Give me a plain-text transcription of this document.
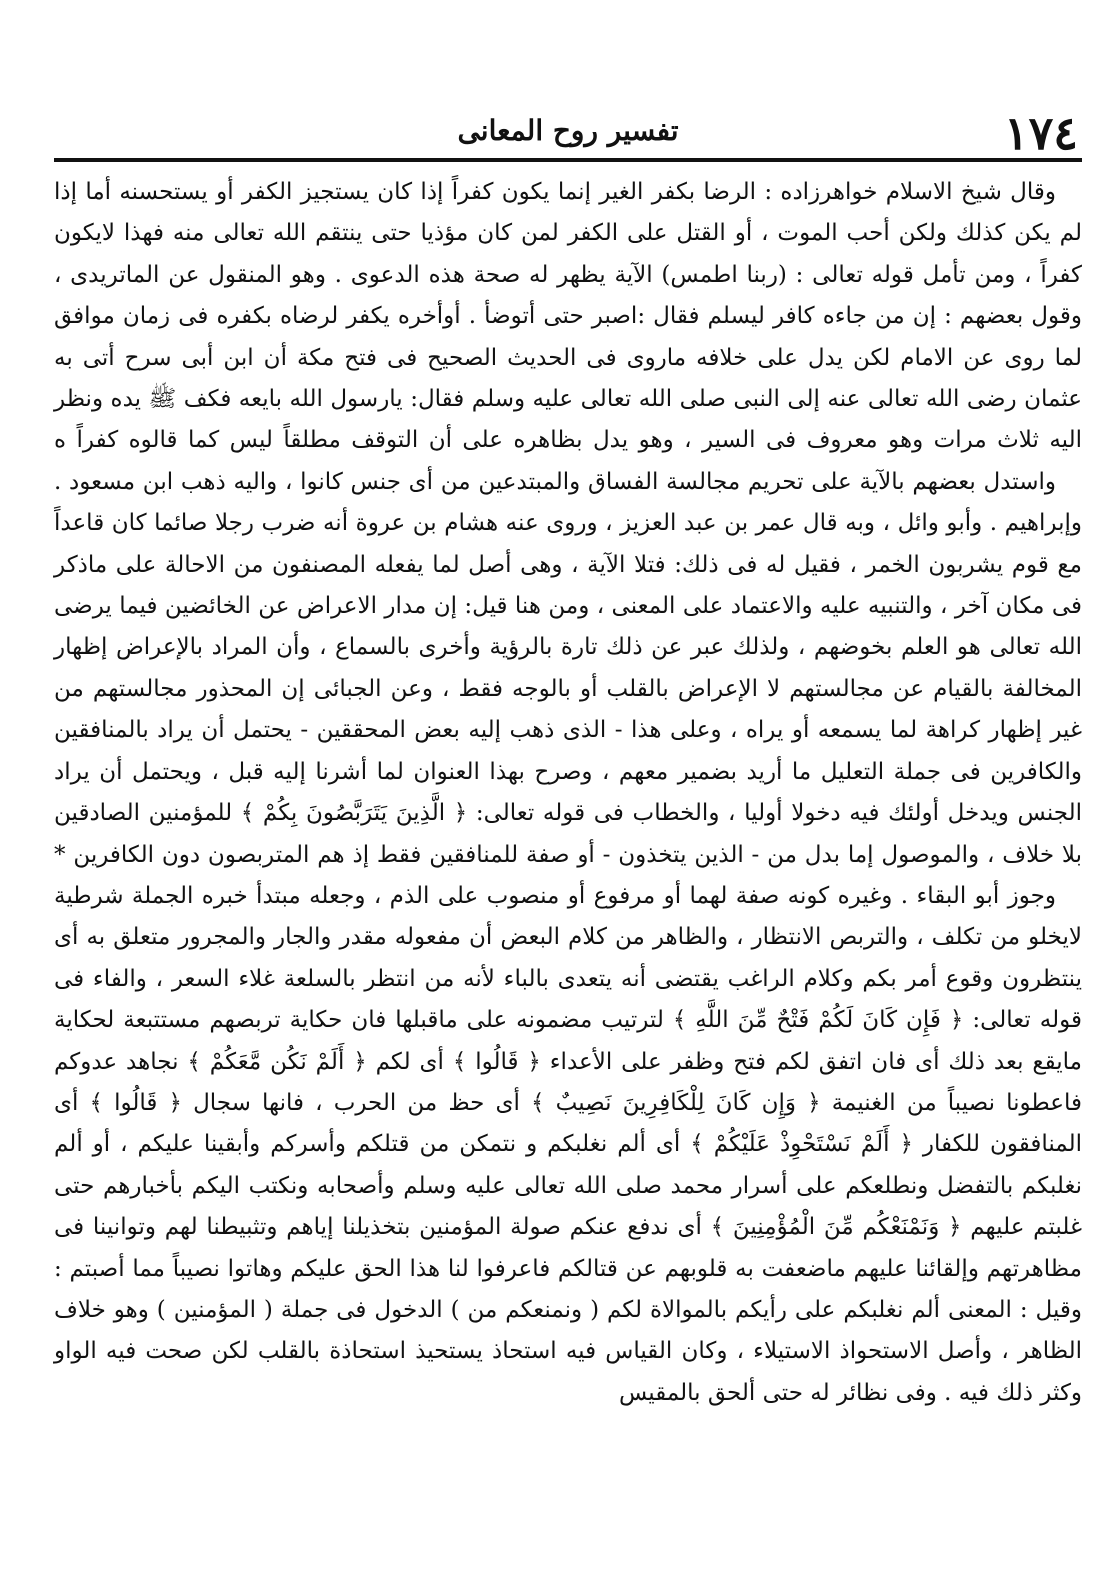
١٧٤
تفسير روح المعانى

وقال شيخ الاسلام خواهرزاده : الرضا بكفر الغير إنما يكون كفراً إذا كان يستجيز الكفر أو يستحسنه أما إذا لم يكن كذلك ولكن أحب الموت ، أو القتل على الكفر لمن كان مؤذيا حتى ينتقم الله تعالى منه فهذا لايكون كفراً ، ومن تأمل قوله تعالى : (ربنا اطمس) الآية يظهر له صحة هذه الدعوى . وهو المنقول عن الماتريدى ، وقول بعضهم : إن من جاءه كافر ليسلم فقال :اصبر حتى أتوضأ . أوأخره يكفر لرضاه بكفره فى زمان موافق لما روى عن الامام لكن يدل على خلافه ماروى فى الحديث الصحيح فى فتح مكة أن ابن أبى سرح أتى به عثمان رضى الله تعالى عنه إلى النبى صلى الله تعالى عليه وسلم فقال: يارسول الله بايعه فكف ﷺ يده ونظر اليه ثلاث مرات وهو معروف فى السير ، وهو يدل بظاهره على أن التوقف مطلقاً ليس كما قالوه كفراً ه

واستدل بعضهم بالآية على تحريم مجالسة الفساق والمبتدعين من أى جنس كانوا ، واليه ذهب ابن مسعود . وإبراهيم . وأبو وائل ، وبه قال عمر بن عبد العزيز ، وروى عنه هشام بن عروة أنه ضرب رجلا صائما كان قاعداً مع قوم يشربون الخمر ، فقيل له فى ذلك: فتلا الآية ، وهى أصل لما يفعله المصنفون من الاحالة على ماذكر فى مكان آخر ، والتنبيه عليه والاعتماد على المعنى ، ومن هنا قيل: إن مدار الاعراض عن الخائضين فيما يرضى الله تعالى هو العلم بخوضهم ، ولذلك عبر عن ذلك تارة بالرؤية وأخرى بالسماع ، وأن المراد بالإعراض إظهار المخالفة بالقيام عن مجالستهم لا الإعراض بالقلب أو بالوجه فقط ، وعن الجبائى إن المحذور مجالستهم من غير إظهار كراهة لما يسمعه أو يراه ، وعلى هذا - الذى ذهب إليه بعض المحققين - يحتمل أن يراد بالمنافقين والكافرين فى جملة التعليل ما أريد بضمير معهم ، وصرح بهذا العنوان لما أشرنا إليه قبل ، ويحتمل أن يراد الجنس ويدخل أولئك فيه دخولا أوليا ، والخطاب فى قوله تعالى: ﴿ الَّذِينَ يَتَرَبَّصُونَ بِكُمْ ﴾ للمؤمنين الصادقين بلا خلاف ، والموصول إما بدل من - الذين يتخذون - أو صفة للمنافقين فقط إذ هم المتربصون دون الكافرين *

وجوز أبو البقاء . وغيره كونه صفة لهما أو مرفوع أو منصوب على الذم ، وجعله مبتدأ خبره الجملة شرطية لايخلو من تكلف ، والتربص الانتظار ، والظاهر من كلام البعض أن مفعوله مقدر والجار والمجرور متعلق به أى ينتظرون وقوع أمر بكم وكلام الراغب يقتضى أنه يتعدى بالباء لأنه من انتظر بالسلعة غلاء السعر ، والفاء فى قوله تعالى: ﴿ فَإِن كَانَ لَكُمْ فَتْحٌ مِّنَ اللَّهِ ﴾ لترتيب مضمونه على ماقبلها فان حكاية تربصهم مستتبعة لحكاية مايقع بعد ذلك أى فان اتفق لكم فتح وظفر على الأعداء ﴿ قَالُوا ﴾ أى لكم ﴿ أَلَمْ نَكُن مَّعَكُمْ ﴾ نجاهد عدوكم فاعطونا نصيباً من الغنيمة ﴿ وَإِن كَانَ لِلْكَافِرِينَ نَصِيبٌ ﴾ أى حظ من الحرب ، فانها سجال ﴿ قَالُوا ﴾ أى المنافقون للكفار ﴿ أَلَمْ نَسْتَحْوِذْ عَلَيْكُمْ ﴾ أى ألم نغلبكم و نتمكن من قتلكم وأسركم وأبقينا عليكم ، أو ألم نغلبكم بالتفضل ونطلعكم على أسرار محمد صلى الله تعالى عليه وسلم وأصحابه ونكتب اليكم بأخبارهم حتى غلبتم عليهم ﴿ وَنَمْنَعْكُم مِّنَ الْمُؤْمِنِينَ ﴾ أى ندفع عنكم صولة المؤمنين بتخذيلنا إياهم وتثبيطنا لهم وتوانينا فى مظاهرتهم وإلقائنا عليهم ماضعفت به قلوبهم عن قتالكم فاعرفوا لنا هذا الحق عليكم وهاتوا نصيباً مما أصبتم : وقيل : المعنى ألم نغلبكم على رأيكم بالموالاة لكم ( ونمنعكم من ) الدخول فى جملة ( المؤمنين ) وهو خلاف الظاهر ، وأصل الاستحواذ الاستيلاء ، وكان القياس فيه استحاذ يستحيذ استحاذة بالقلب لكن صحت فيه الواو وكثر ذلك فيه . وفى نظائر له حتى ألحق بالمقيس
